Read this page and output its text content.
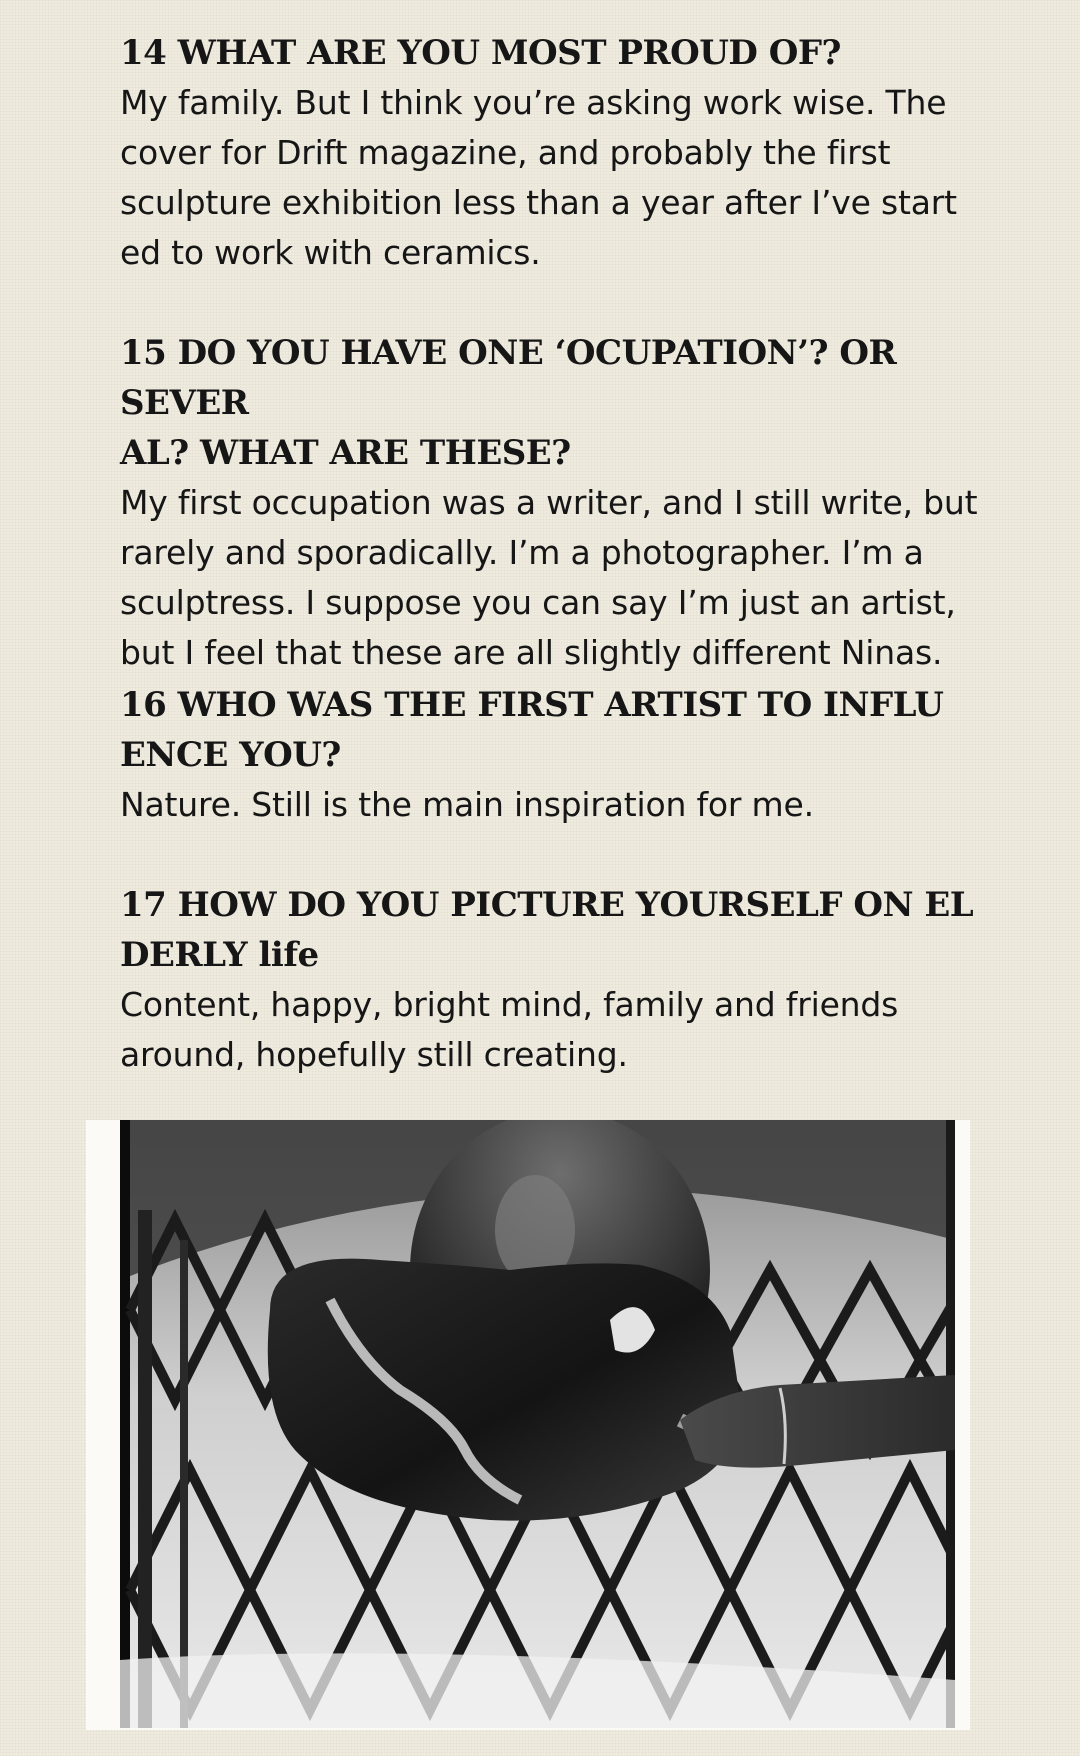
14 WHAT ARE YOU MOST PROUD OF?

My family. But I think you’re asking work wise. The
cover for Drift magazine, and probably the first
sculpture exhibition less than a year after I’ve start
ed to work with ceramics.

15 DO YOU HAVE ONE ‘OCUPATION’? OR SEVER
AL? WHAT ARE THESE?

My first occupation was a writer, and I still write, but
rarely and sporadically. I’m a photographer. I’m a
sculptress. I suppose you can say I’m just an artist,
but I feel that these are all slightly different Ninas.

16 WHO WAS THE FIRST ARTIST TO INFLU
ENCE YOU?

Nature. Still is the main inspiration for me.

17 HOW DO YOU PICTURE YOURSELF ON EL
DERLY life

Content, happy, bright mind, family and friends
around, hopefully still creating.
